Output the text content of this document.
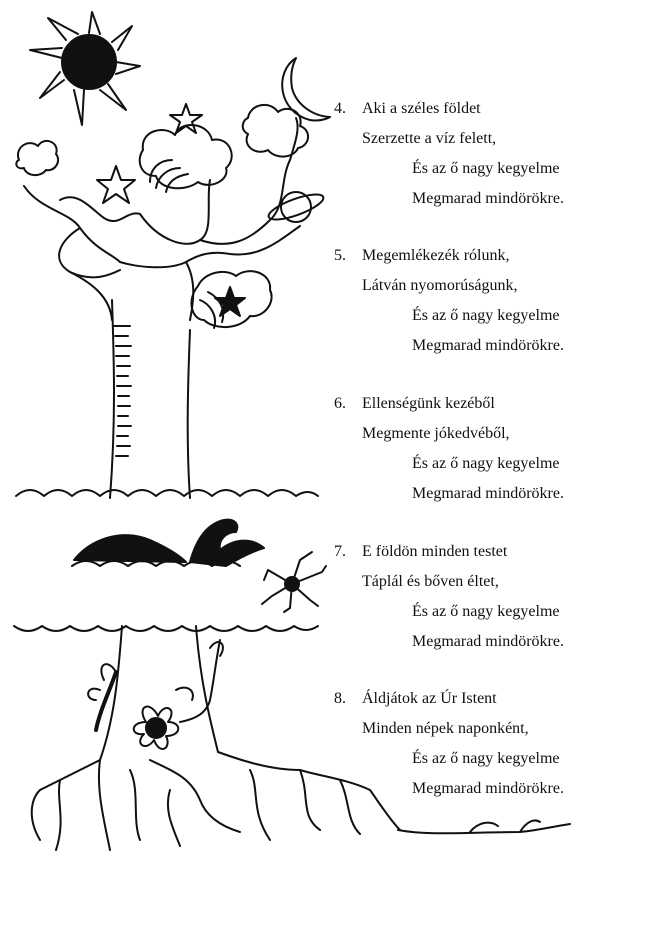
4. Aki a széles földet
Szerzette a víz felett,
És az ő nagy kegyelme
Megmarad mindörökre.
5. Megemlékezék rólunk,
Látván nyomorúságunk,
És az ő nagy kegyelme
Megmarad mindörökre.
6. Ellenségünk kezéből
Megmente jókedvéből,
És az ő nagy kegyelme
Megmarad mindörökre.
7. E földön minden testet
Táplál és bőven éltet,
És az ő nagy kegyelme
Megmarad mindörökre.
8. Áldjátok az Úr Istent
Minden népek naponként,
És az ő nagy kegyelme
Megmarad mindörökre.
